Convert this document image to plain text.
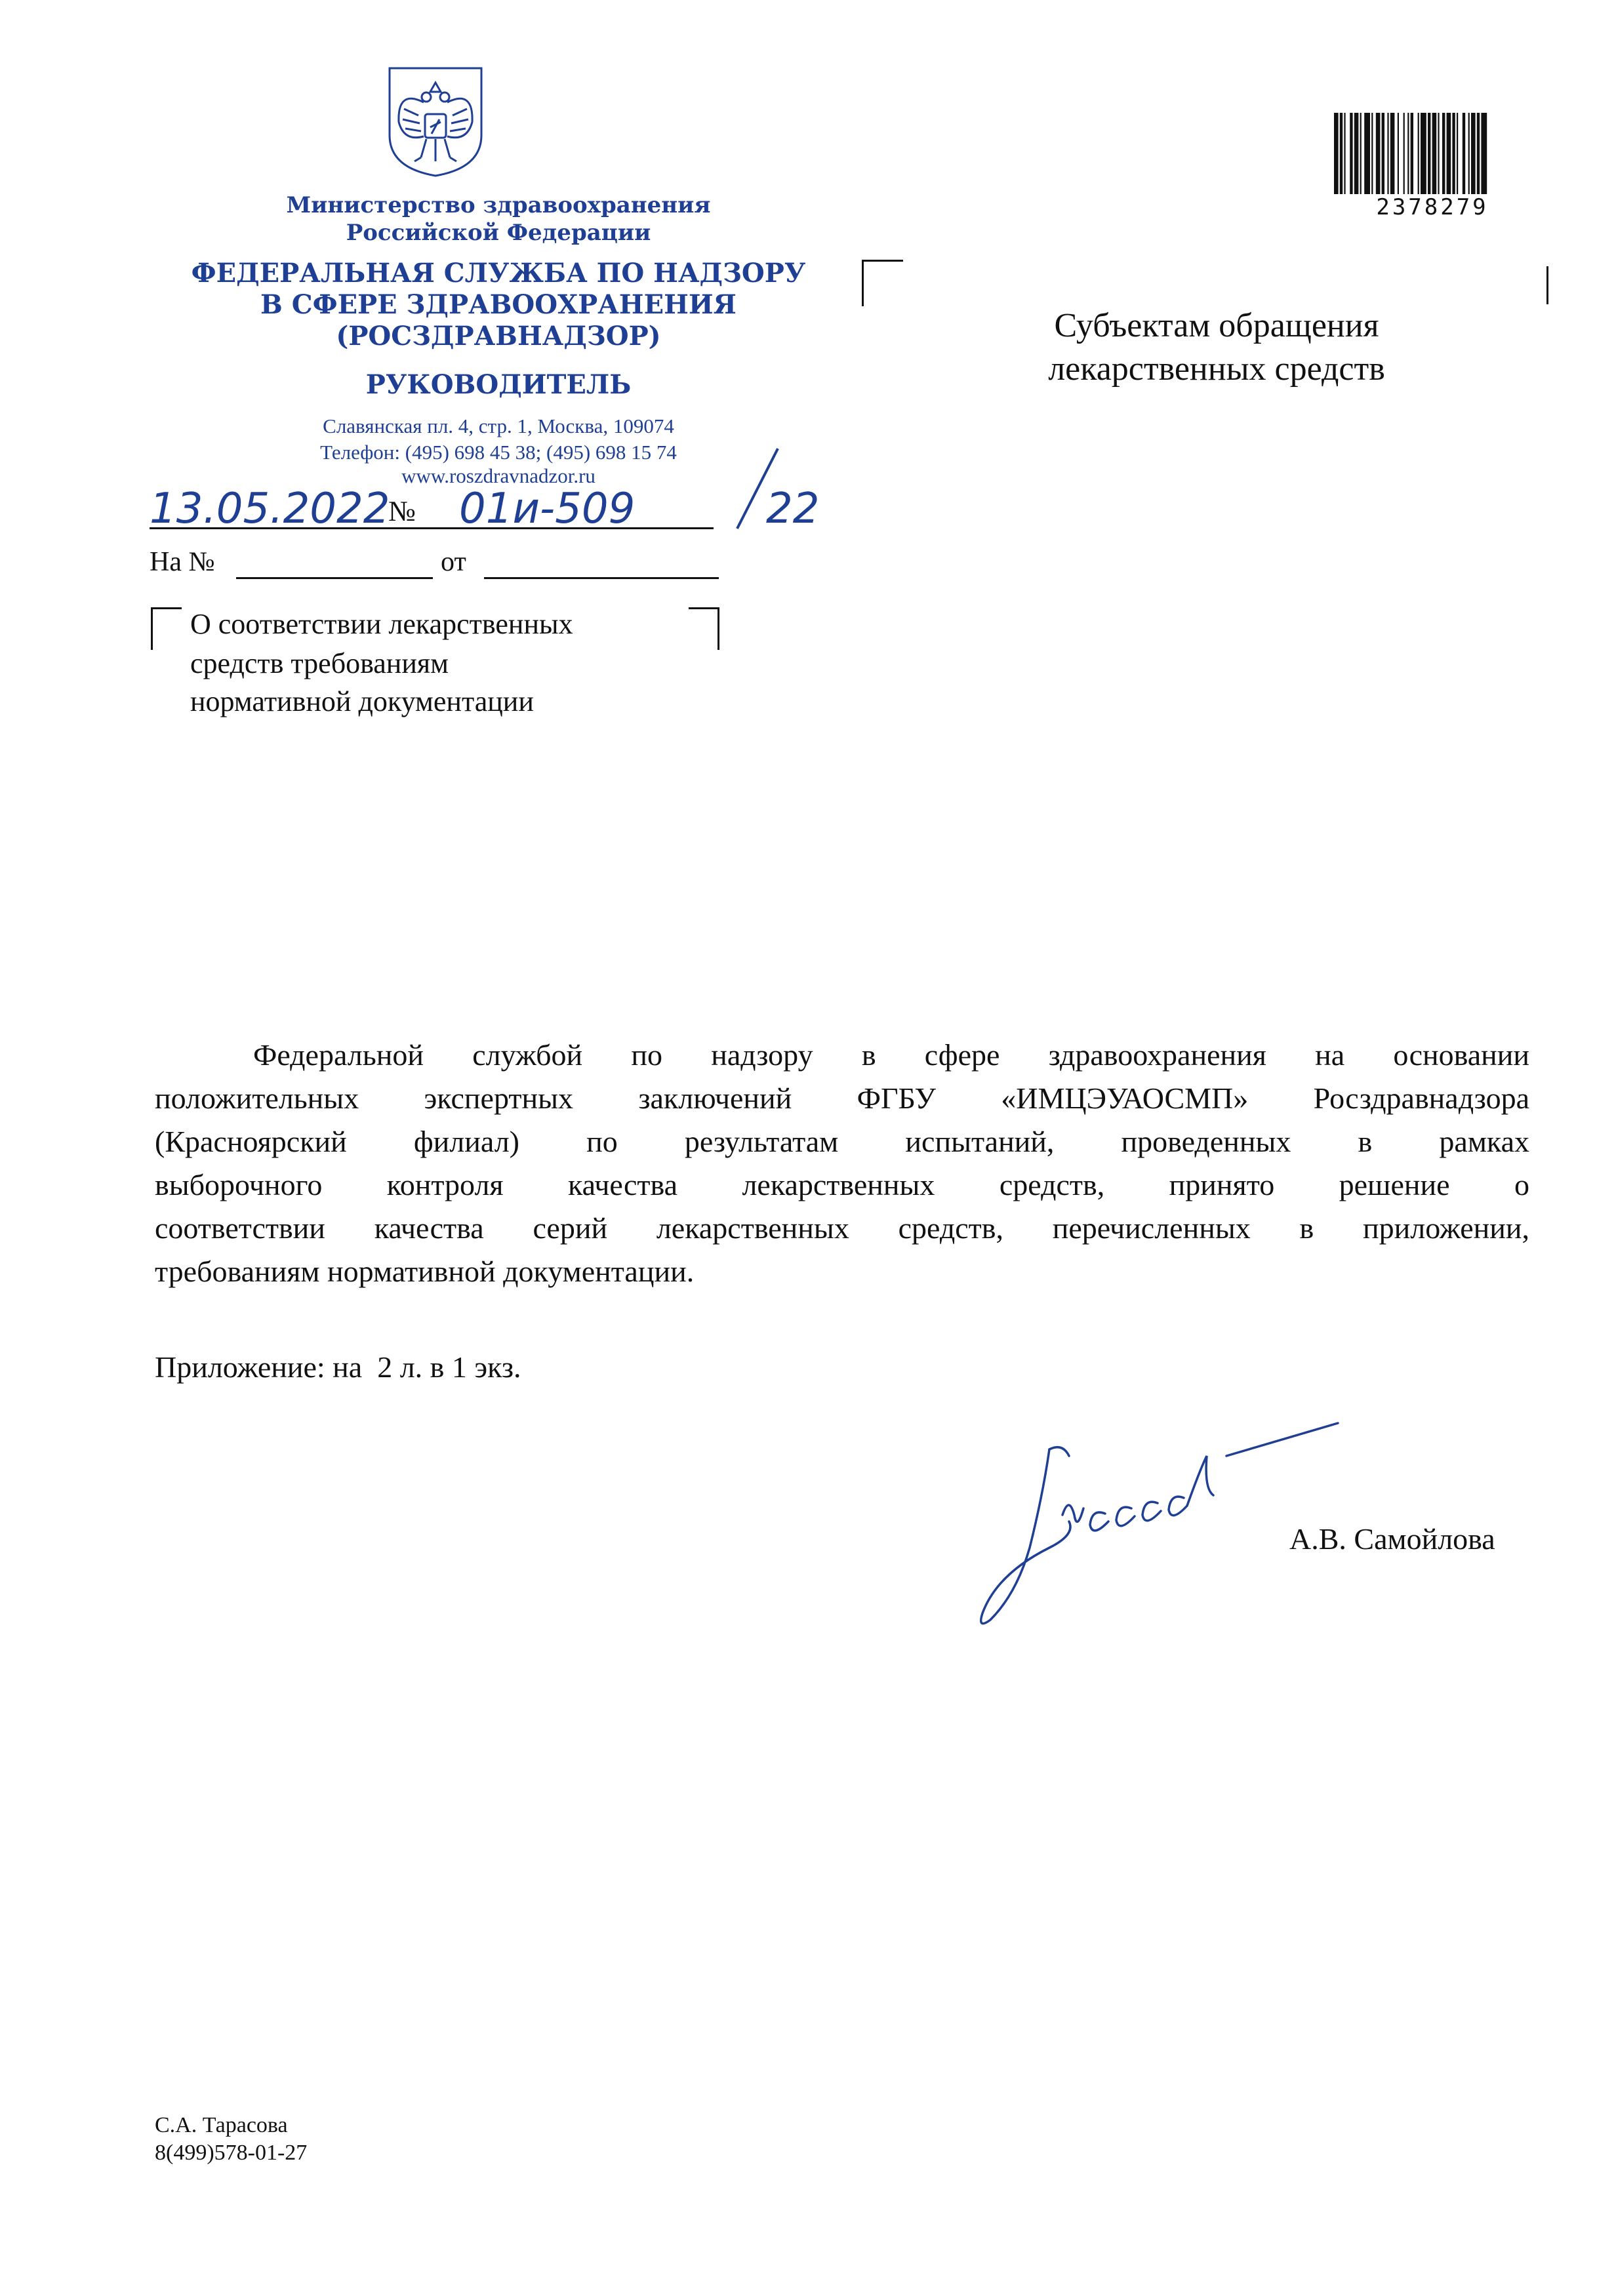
Министерство здравоохранения
Российской Федерации
ФЕДЕРАЛЬНАЯ СЛУЖБА ПО НАДЗОРУ
В СФЕРЕ ЗДРАВООХРАНЕНИЯ
(РОСЗДРАВНАДЗОР)
РУКОВОДИТЕЛЬ
Славянская пл. 4, стр. 1, Москва, 109074
Телефон: (495) 698 45 38; (495) 698 15 74
www.roszdravnadzor.ru
13.05.2022
№ 01и-509	22
На №	от
О соответствии лекарственных
средств требованиям
нормативной документации
2378279
Субъектам обращения
лекарственных средств
Федеральной службой по надзору в сфере здравоохранения на основании
положительных экспертных заключений ФГБУ «ИМЦЭУАОСМП» Росздравнадзора
(Красноярский филиал) по результатам испытаний, проведенных в рамках
выборочного контроля качества лекарственных средств, принято решение о
соответствии качества серий лекарственных средств, перечисленных в приложении,
требованиям нормативной документации.
Приложение: на  2 л. в 1 экз.
А.В. Самойлова
С.А. Тарасова
8(499)578-01-27
